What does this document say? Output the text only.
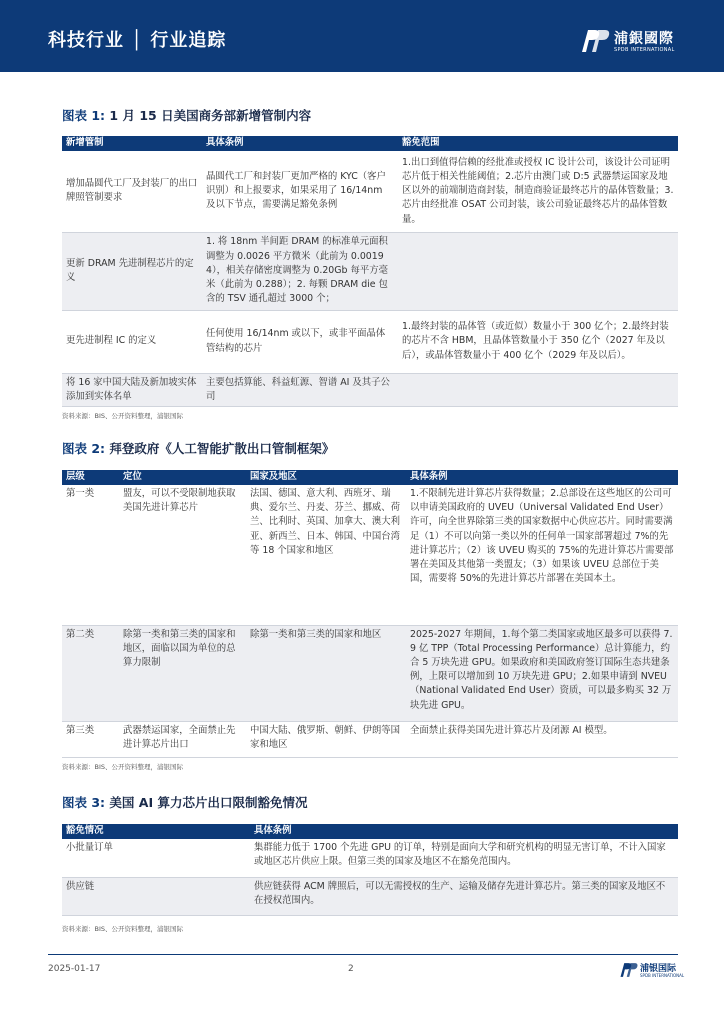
科技行业 │ 行业追踪	浦銀國際
SPDB INTERNATIONAL
图表 1: 1 月 15 日美国商务部新增管制内容
新增管制	具体条例	豁免范围
增加晶圆代工厂及封装厂的出口牌照管制要求	晶圆代工厂和封装厂更加严格的 KYC（客户识别）和上报要求，如果采用了 16/14nm 及以下节点，需要满足豁免条例	1.出口到值得信赖的经批准或授权 IC 设计公司，该设计公司证明芯片低于相关性能阈值；2.芯片由澳门或 D:5 武器禁运国家及地区以外的前端制造商封装，制造商验证最终芯片的晶体管数量；3.芯片由经批准 OSAT 公司封装，该公司验证最终芯片的晶体管数量。
更新 DRAM 先进制程芯片的定义	1. 将 18nm 半间距 DRAM 的标准单元面积调整为 0.0026 平方微米（此前为 0.00194），相关存储密度调整为 0.20Gb 每平方毫米（此前为 0.288）；2. 每颗 DRAM die 包含的 TSV 通孔超过 3000 个；	
更先进制程 IC 的定义	任何使用 16/14nm 或以下，或非平面晶体管结构的芯片	1.最终封装的晶体管（或近似）数量小于 300 亿个；2.最终封装的芯片不含 HBM，且晶体管数量小于 350 亿个（2027 年及以后），或晶体管数量小于 400 亿个（2029 年及以后）。
将 16 家中国大陆及新加坡实体添加到实体名单	主要包括算能、科益虹源、智谱 AI 及其子公司	
资料来源：BIS、公开资料整理，浦银国际
图表 2: 拜登政府《人工智能扩散出口管制框架》
层级	定位	国家及地区	具体条例
第一类	盟友，可以不受限制地获取美国先进计算芯片	法国、德国、意大利、西班牙、瑞典、爱尔兰、丹麦、芬兰、挪威、荷兰、比利时、英国、加拿大、澳大利亚、新西兰、日本、韩国、中国台湾等 18 个国家和地区	1.不限制先进计算芯片获得数量；2.总部设在这些地区的公司可以申请美国政府的 UVEU（Universal Validated End User）许可，向全世界除第三类的国家数据中心供应芯片。同时需要满足（1）不可以向第一类以外的任何单一国家部署超过 7%的先进计算芯片；（2）该 UVEU 购买的 75%的先进计算芯片需要部署在美国及其他第一类盟友；（3）如果该 UVEU 总部位于美国，需要将 50%的先进计算芯片部署在美国本土。
第二类	除第一类和第三类的国家和地区，面临以国为单位的总算力限制	除第一类和第三类的国家和地区	2025-2027 年期间，1.每个第二类国家或地区最多可以获得 7.9 亿 TPP（Total Processing Performance）总计算能力，约合 5 万块先进 GPU。如果政府和美国政府签订国际生态共建条例，上限可以增加到 10 万块先进 GPU；2.如果申请到 NVEU（National Validated End User）资质，可以最多购买 32 万块先进 GPU。
第三类	武器禁运国家，全面禁止先进计算芯片出口	中国大陆、俄罗斯、朝鲜、伊朗等国家和地区	全面禁止获得美国先进计算芯片及闭源 AI 模型。
资料来源：BIS、公开资料整理，浦银国际
图表 3: 美国 AI 算力芯片出口限制豁免情况
豁免情况	具体条例
小批量订单	集群能力低于 1700 个先进 GPU 的订单，特别是面向大学和研究机构的明显无害订单，不计入国家或地区芯片供应上限。但第三类的国家及地区不在豁免范围内。
供应链	供应链获得 ACM 牌照后，可以无需授权的生产、运输及储存先进计算芯片。第三类的国家及地区不在授权范围内。
资料来源：BIS、公开资料整理，浦银国际
2025-01-17	2	浦银国际
SPDB INTERNATIONAL
